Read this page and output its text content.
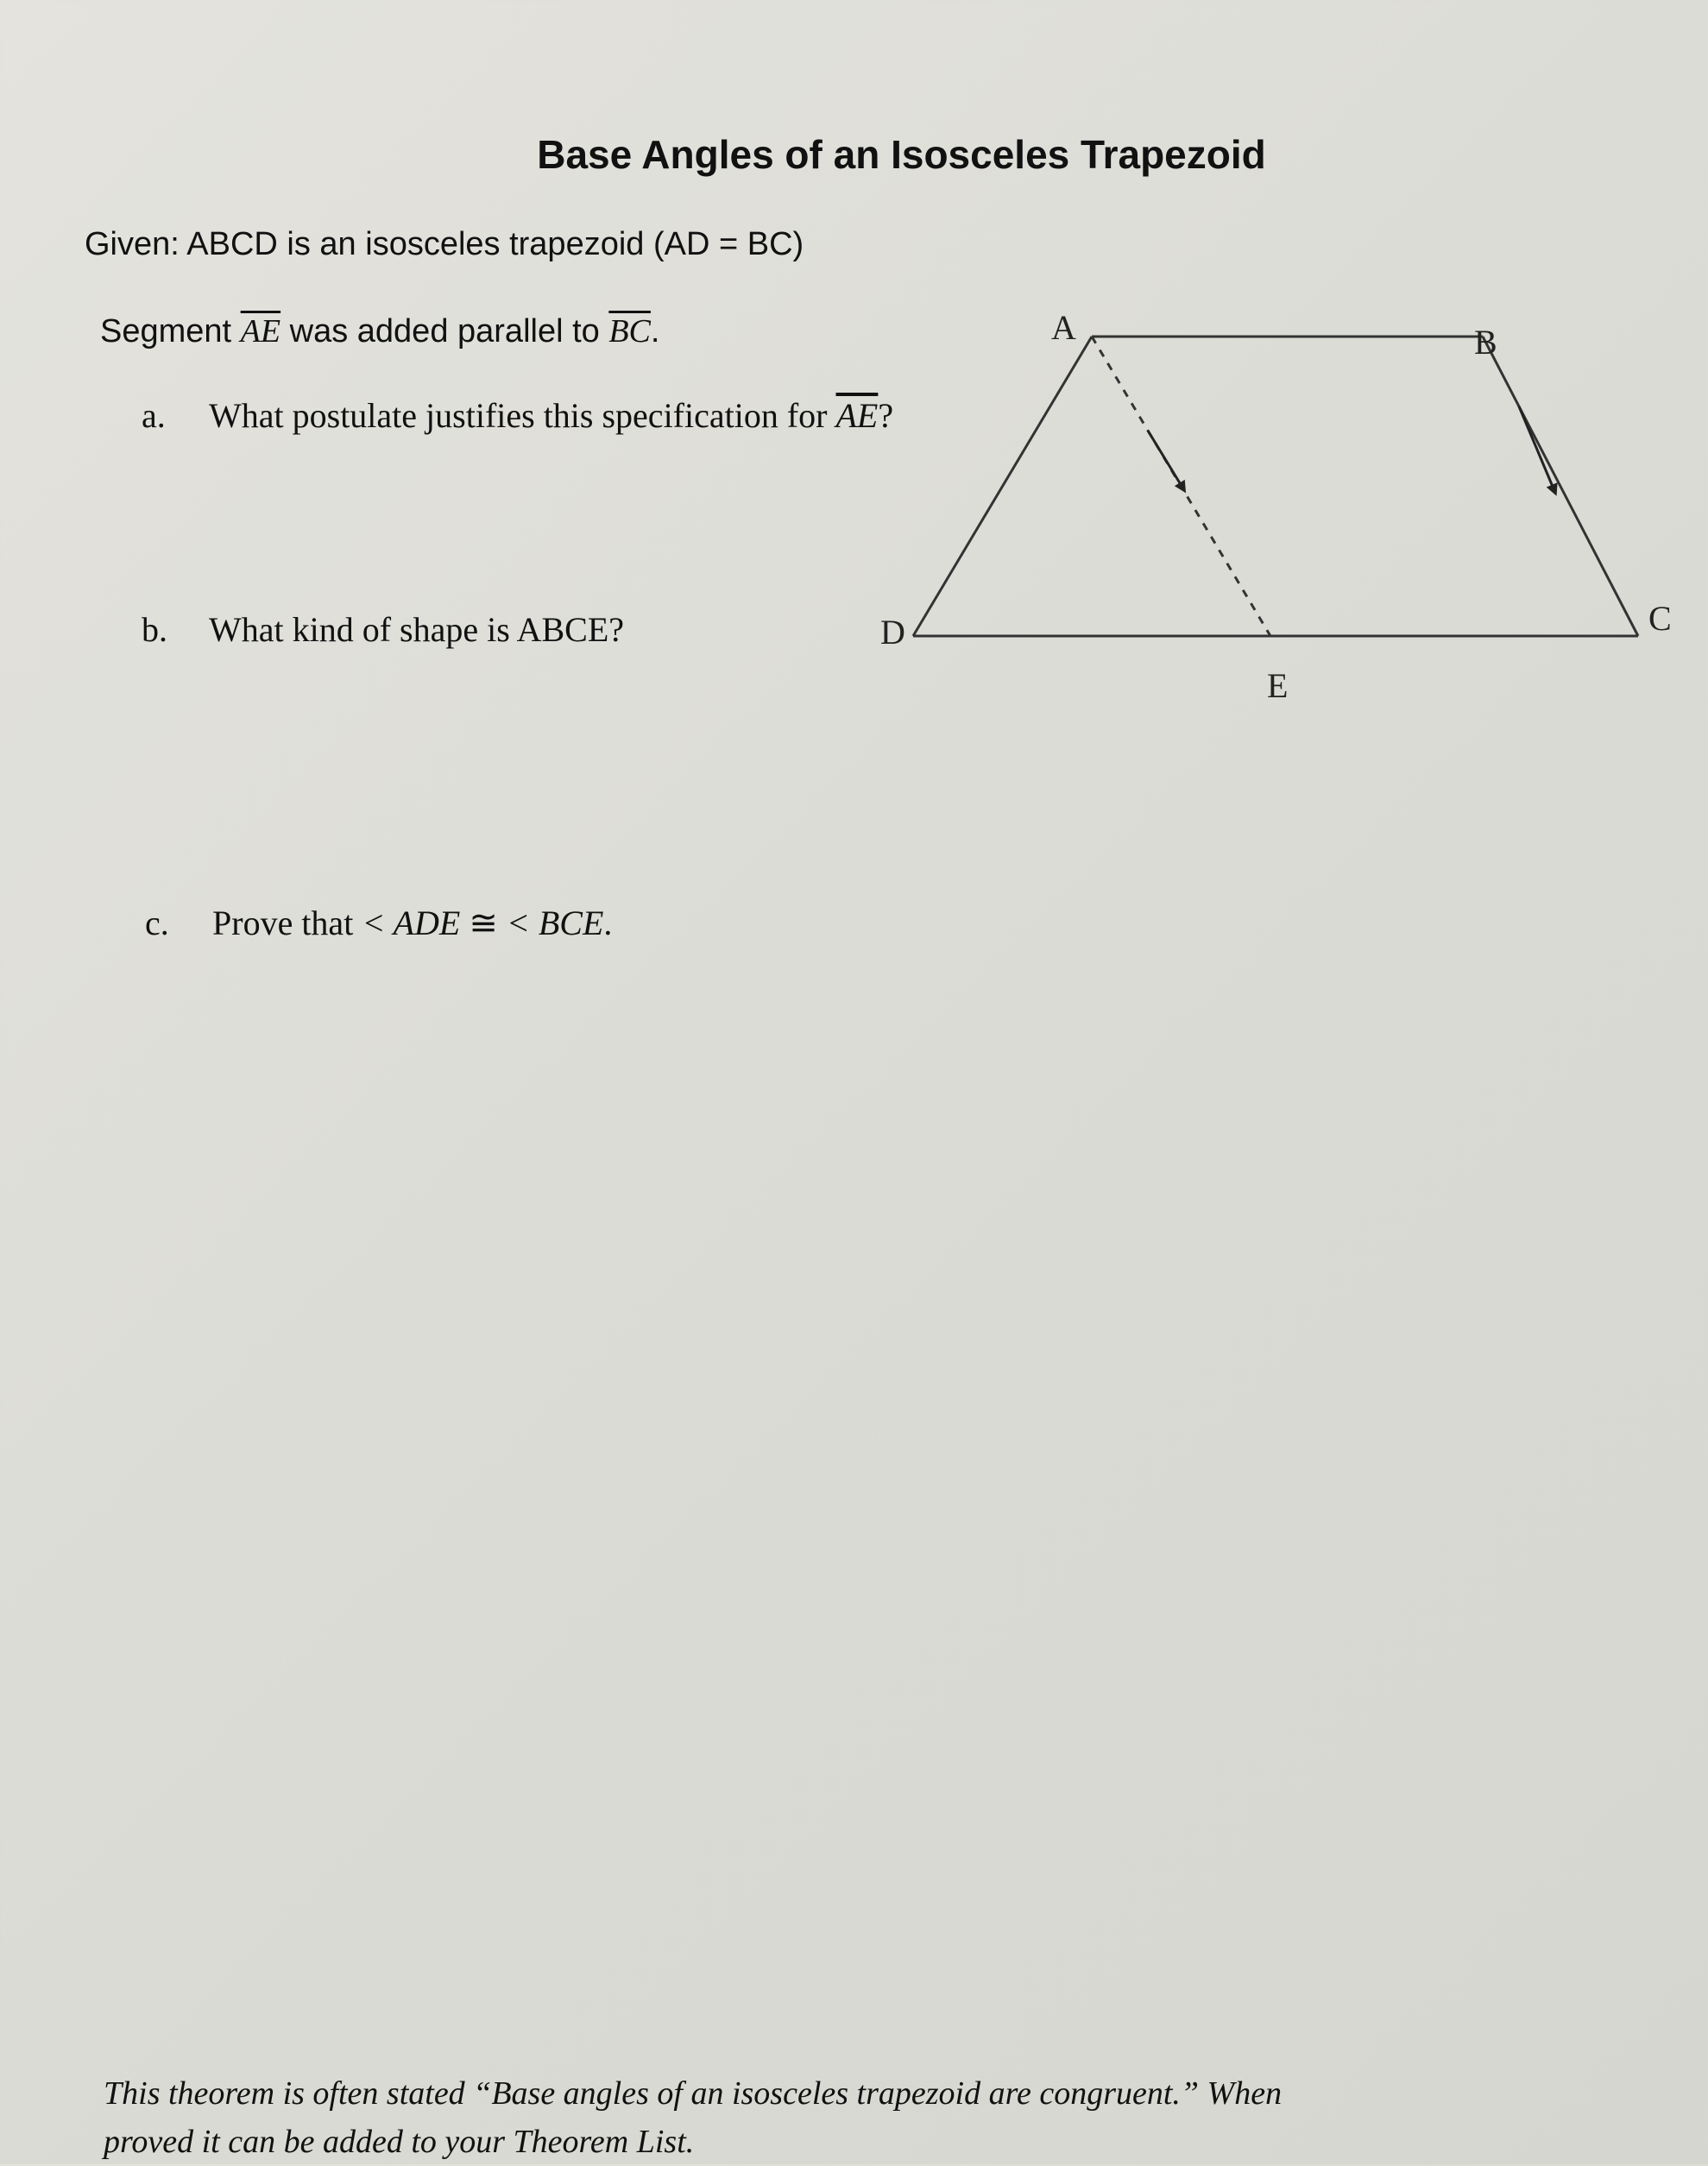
Base Angles of an Isosceles Trapezoid
Given: ABCD is an isosceles trapezoid (AD = BC)
Segment $\overline{AE}$ was added parallel to $\overline{BC}$.
a. What postulate justifies this specification for $\overline{AE}$?
b. What kind of shape is ABCE?
c. Prove that < ADE ≅ < BCE.
A	B
C
D
E
This theorem is often stated “Base angles of an isosceles trapezoid are congruent.” When
proved it can be added to your Theorem List.
